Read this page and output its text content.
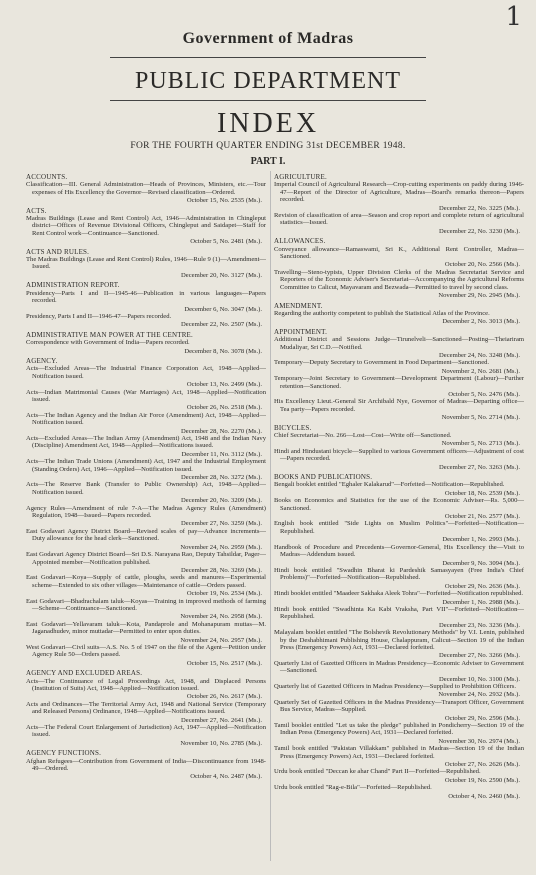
1
Government of Madras
PUBLIC DEPARTMENT
INDEX
FOR THE FOURTH QUARTER ENDING 31st DECEMBER 1948.
PART I.
ACCOUNTS.
Classification—III. General Administration—Heads of Provinces, Ministers, etc.—Tour expenses of His Excellency the Governor—Revised classification—Ordered.
October 15, No. 2535 (Ms.).
ACTS.
Madras Buildings (Lease and Rent Control) Act, 1946—Administration in Chingleput district—Offices of Revenue Divisional Officers, Chingleput and Saidapet—Staff for Rent Control work—Continuance—Sanctioned.
October 5, No. 2481 (Ms.).
ACTS AND RULES.
The Madras Buildings (Lease and Rent Control) Rules, 1946—Rule 9 (1)—Amendment—Issued.
December 20, No. 3127 (Ms.).
ADMINISTRATION REPORT.
Presidency—Parts I and II—1945-46—Publication in various languages—Papers recorded.
December 6, No. 3047 (Ms.).
Presidency, Parts I and II—1946-47—Papers recorded.
December 22, No. 2507 (Ms.).
ADMINISTRATIVE MAN POWER AT THE CENTRE.
Correspondence with Government of India—Papers recorded.
December 8, No. 3078 (Ms.).
AGENCY.
Acts—Excluded Areas—The Industrial Finance Corporation Act, 1948—Applied—Notification issued.
October 13, No. 2499 (Ms.).
Acts—Indian Matrimonial Causes (War Marriages) Act, 1948—Applied—Notification issued.
October 26, No. 2518 (Ms.).
Acts—The Indian Agency and the Indian Air Force (Amendment) Act, 1948—Applied—Notification issued.
December 28, No. 2270 (Ms.).
Acts—Excluded Areas—The Indian Army (Amendment) Act, 1948 and the Indian Navy (Discipline) Amendment Act, 1948—Applied—Notifications issued.
December 11, No. 3112 (Ms.).
Acts—The Indian Trade Unions (Amendment) Act, 1947 and the Industrial Employment (Standing Orders) Act, 1946—Applied—Notification issued.
December 28, No. 3272 (Ms.).
Acts—The Reserve Bank (Transfer to Public Ownership) Act, 1948—Applied—Notification issued.
December 20, No. 3209 (Ms.).
Agency Rules—Amendment of rule 7-A—The Madras Agency Rules (Amendment) Regulation, 1948—Issued—Papers recorded.
December 27, No. 3259 (Ms.).
East Godavari Agency District Board—Revised scales of pay—Advance increments—Duty allowance for the head clerk—Sanctioned.
November 24, No. 2959 (Ms.).
East Godavari Agency District Board—Sri D.S. Narayana Rao, Deputy Tahsildar, Pager—Appointed member—Notification published.
December 28, No. 3269 (Ms.).
East Godavari—Koya—Supply of cattle, ploughs, seeds and manures—Experimental scheme—Extended to six other villages—Maintenance of cattle—Orders passed.
October 19, No. 2534 (Ms.).
East Godavari—Bhadrachalam taluk—Koyas—Training in improved methods of farming—Scheme—Continuance—Sanctioned.
November 24, No. 2958 (Ms.).
East Godavari—Yellavaram taluk—Kota, Pandaprole and Mohanapuram muttas—M. Jaganadhudev, minor muttadar—Permitted to enter upon duties.
November 24, No. 2957 (Ms.).
West Godavari—Civil suits—A.S. No. 5 of 1947 on the file of the Agent—Petition under Agency Rule 50—Orders passed.
October 15, No. 2517 (Ms.).
AGENCY AND EXCLUDED AREAS.
Acts—The Continuance of Legal Proceedings Act, 1948, and Displaced Persons (Institution of Suits) Act, 1948—Applied—Notification issued.
October 26, No. 2617 (Ms.).
Acts and Ordinances—The Territorial Army Act, 1948 and National Service (Temporary and Released Persons) Ordinance, 1948—Applied—Notifications issued.
December 27, No. 2641 (Ms.).
Acts—The Federal Court Enlargement of Jurisdiction) Act, 1947—Applied—Notification issued.
November 10, No. 2785 (Ms.).
AGENCY FUNCTIONS.
Afghan Refugees—Contribution from Government of India—Discontinuance from 1948-49—Ordered.
October 4, No. 2487 (Ms.).
AGRICULTURE.
Imperial Council of Agricultural Research—Crop-cutting experiments on paddy during 1946-47—Report of the Director of Agriculture, Madras—Board's remarks thereon—Papers recorded.
December 22, No. 3225 (Ms.).
Revision of classification of area—Season and crop report and complete return of agricultural statistics—Issued.
December 22, No. 3230 (Ms.).
ALLOWANCES.
Conveyance allowance—Ramaswami, Sri K., Additional Rent Controller, Madras—Sanctioned.
October 20, No. 2566 (Ms.).
Travelling—Steno-typists, Upper Division Clerks of the Madras Secretariat Service and Reporters of the Economic Adviser's Secretariat—Accompanying the Agricultural Reforms Committee to Calicut, Mayavaram and Bezwada—Permitted to travel by second class.
November 29, No. 2945 (Ms.).
AMENDMENT.
Regarding the authority competent to publish the Statistical Atlas of the Province.
December 2, No. 3013 (Ms.).
APPOINTMENT.
Additional District and Sessions Judge—Tirunelveli—Sanctioned—Posting—Theiariram Mudaliyar, Sri C.D.—Notified.
December 24, No. 3248 (Ms.).
Temporary—Deputy Secretary to Government in Food Department—Sanctioned.
November 2, No. 2681 (Ms.).
Temporary—Joint Secretary to Government—Development Department (Labour)—Further retention—Sanctioned.
October 5, No. 2476 (Ms.).
His Excellency Lieut.-General Sir Archibald Nye, Governor of Madras—Departing office—Tea party—Papers recorded.
November 5, No. 2714 (Ms.).
BICYCLES.
Chief Secretariat—No. 266—Lost—Cost—Write off—Sanctioned.
November 5, No. 2713 (Ms.).
Hindi and Hindustani bicycle—Supplied to various Government officers—Adjustment of cost—Papers recorded.
December 27, No. 3263 (Ms.).
BOOKS AND PUBLICATIONS.
Bengali booklet entitled "Eghaler Kalakarud"—Forfeited—Notification—Republished.
October 18, No. 2539 (Ms.).
Books on Economics and Statistics for the use of the Economic Adviser—Rs. 5,000—Sanctioned.
October 21, No. 2577 (Ms.).
English book entitled "Side Lights on Muslim Politics"—Forfeited—Notification—Republished.
December 1, No. 2993 (Ms.).
Handbook of Procedure and Precedents—Governor-General, His Excellency the—Visit to Madras—Addendum issued.
December 9, No. 3094 (Ms.).
Hindi book entitled "Swadhin Bharat ki Pardeshik Samasyayen (Free India's Chief Problems)"—Forfeited—Notification—Republished.
October 29, No. 2636 (Ms.).
Hindi booklet entitled "Maadeer Sakhaka Aleek Tohra"—Forfeited—Notification republished.
December 1, No. 2988 (Ms.).
Hindi book entitled "Swadhinta Ka Kabi Vraksha, Part VII"—Forfeited—Notification—Republished.
December 23, No. 3236 (Ms.).
Malayalam booklet entitled "The Bolshevik Revolutionary Methods" by V.I. Lenin, published by the Deshabhimani Publishing House, Chalappuram, Calicut—Section 19 of the Indian Press (Emergency Powers) Act, 1931—Declared forfeited.
December 27, No. 3266 (Ms.).
Quarterly List of Gazetted Officers in Madras Presidency—Economic Adviser to Government—Sanctioned.
December 10, No. 3100 (Ms.).
Quarterly list of Gazetted Officers in Madras Presidency—Supplied to Prohibition Officers.
November 24, No. 2932 (Ms.).
Quarterly Set of Gazetted Officers in the Madras Presidency—Transport Officer, Government Bus Service, Madras—Supplied.
October 29, No. 2596 (Ms.).
Tamil booklet entitled "Let us take the pledge" published in Pondicherry—Section 19 of the Indian Press (Emergency Powers) Act, 1931—Declared forfeited.
November 30, No. 2974 (Ms.).
Tamil book entitled "Pakistan Villakkam" published in Madras—Section 19 of the Indian Press (Emergency Powers) Act, 1931—Declared forfeited.
October 27, No. 2626 (Ms.).
Urdu book entitled "Deccan ke ahar Chand" Part II—Forfeited—Republished.
October 19, No. 2590 (Ms.).
Urdu book entitled "Rag-e-Bila"—Forfeited—Republished.
October 4, No. 2460 (Ms.).
